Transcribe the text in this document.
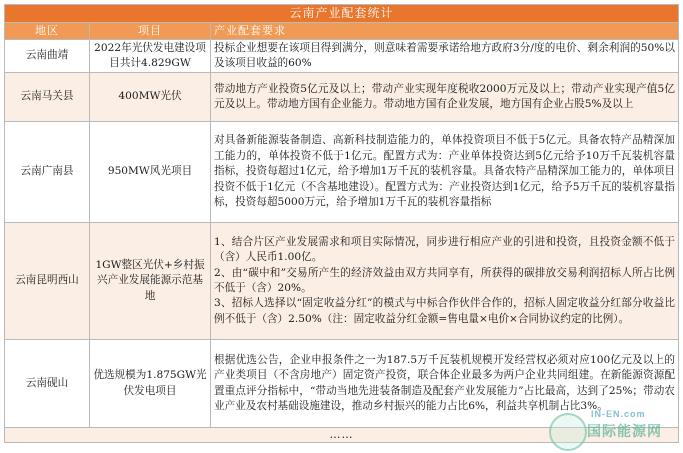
云南产业配套统计		
地区	项目	产业配套要求
云南曲靖	2022年光伏发电建设项目共计4.829GW	投标企业想要在该项目得到满分，则意味着需要承诺给地方政府3分/度的电价、剩余利润的50%以及该项目收益的60%
云南马关县	400MW光伏	带动地方产业投资5亿元及以上；带动产业实现年度税收2000万元及以上；带动产业实现产值5亿元及以上。带动地方国有企业能力。带动地方国有企业发展，地方国有企业占股5%及以上
云南广南县	950MW风光项目	对具备新能源装备制造、高新科技制造能力的，单体投资项目不低于5亿元。具备农特产品精深加工能力的，单体投资不低于1亿元。配置方式为：产业单体投资达到5亿元给予10万千瓦装机容量指标，投资每超过1亿元，给予增加1万千瓦的装机容量。具备农特产品精深加工能力的，单体项目投资不低于1亿元（不含基地建设）。配置方式为：产业投资达到1亿元，给予5万千瓦的装机容量指标，投资每超5000万元，给予增加1万千瓦的装机容量指标
云南昆明西山	1GW整区光伏+乡村振兴产业发展能源示范基地	1、结合片区产业发展需求和项目实际情况，同步进行相应产业的引进和投资，且投资金额不低于（含）人民币1.00亿。
2、由“碳中和”交易所产生的经济效益由双方共同享有，所获得的碳排放交易利润招标人所占比例不低于（含）20%。
3、招标人选择以“固定收益分红”的模式与中标合作伙伴合作的，招标人固定收益分红部分收益比例不低于（含）2.50%（注：固定收益分红金额=售电量×电价×合同协议约定的比例）。

云南砚山	优选规模为1.875GW光伏发电项目	根据优选公告，企业申报条件之一为187.5万千瓦装机规模开发经营权必须对应100亿元及以上的产业类项目（不含房地产）固定资产投资，联合体企业最多为两户企业共同组建。在新能源资源配置重点评分指标中，“带动当地先进装备制造及配套产业发展能力”占比最高，达到了25%；带动农业产业及农村基础设施建设，推动乡村振兴的能力占比6%，利益共享机制占比3%。
……		
IN-EN.com
国际能源网
